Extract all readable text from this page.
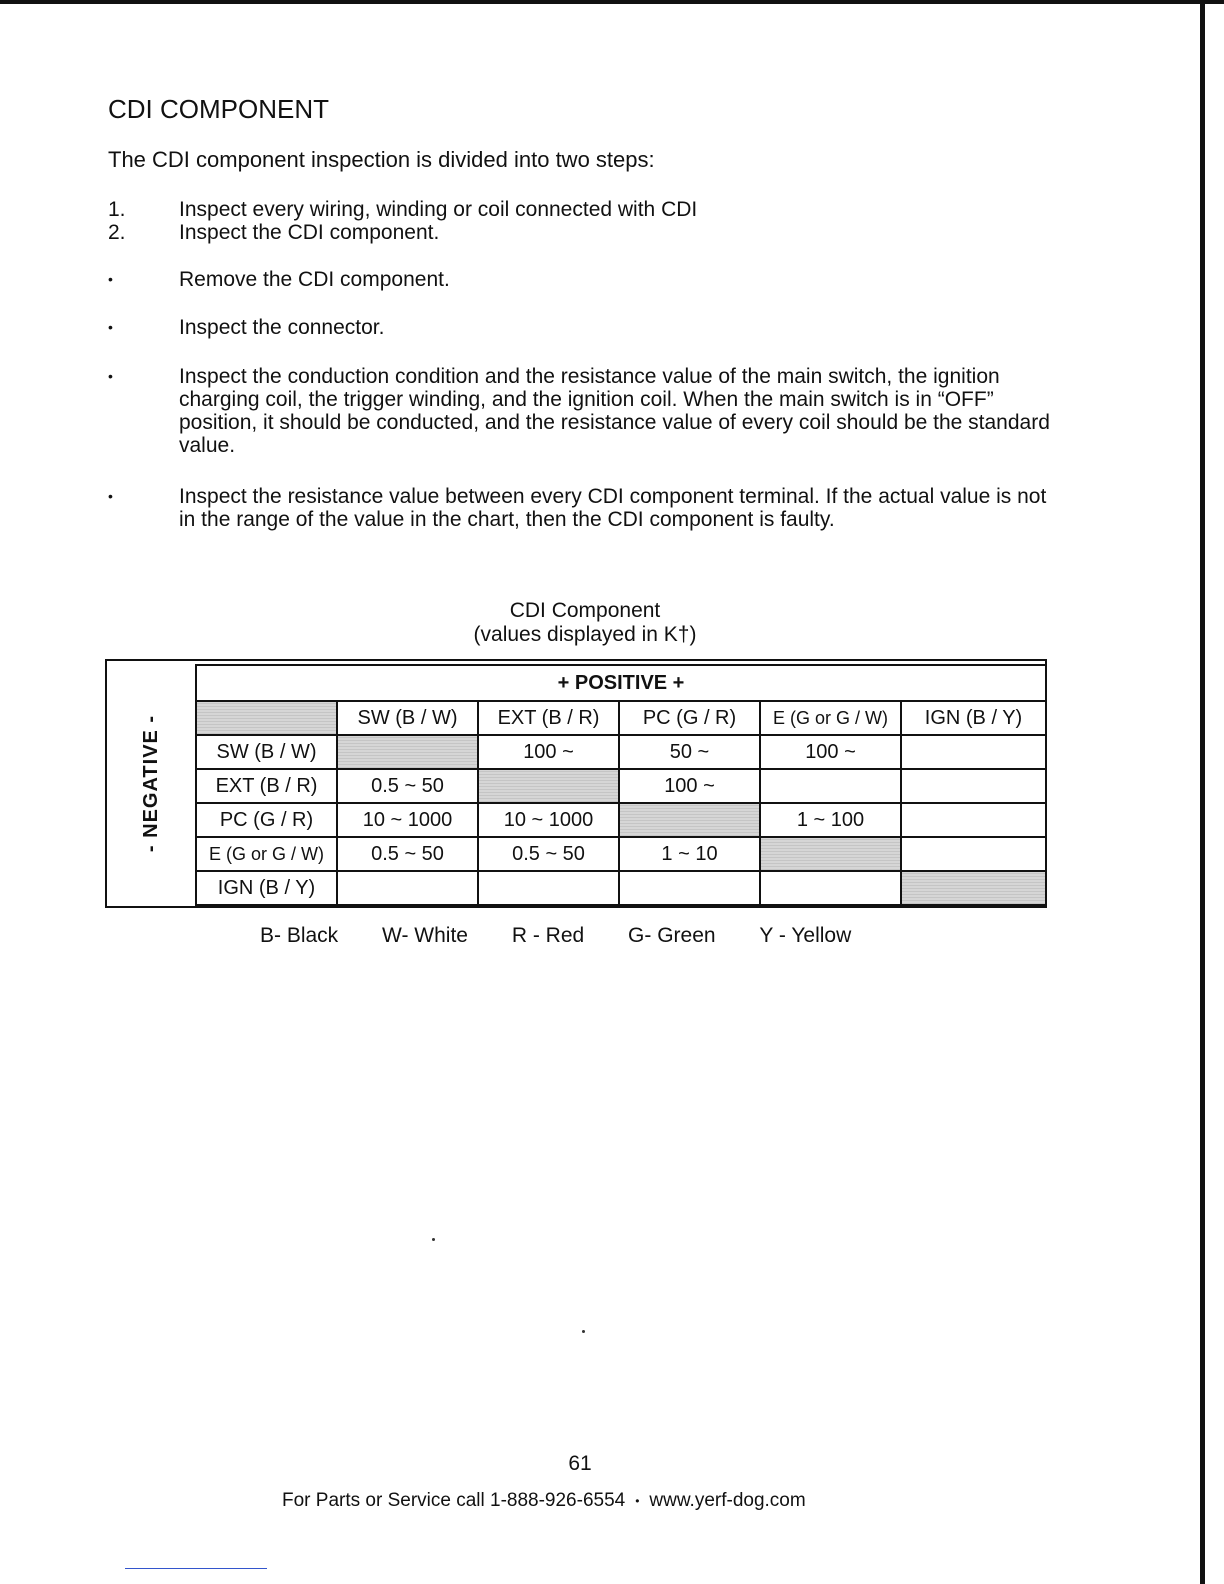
CDI COMPONENT
The CDI component inspection is divided into two steps:
1.	Inspect every wiring, winding or coil connected with CDI
2.	Inspect the CDI component.
•	Remove the CDI component.
•	Inspect the connector.
•	Inspect the conduction condition and the resistance value of the main switch, the ignition charging coil, the trigger winding, and the ignition coil. When the main switch is in “OFF” position, it should be conducted, and the resistance value of every coil should be the standard value.
•	Inspect the resistance value between every CDI component terminal. If the actual value is not in the range of the value in the chart, then the CDI component is faulty.
CDI Component
(values displayed in K†)
- NEGATIVE -
+ POSITIVE +					
	SW (B / W)	EXT (B / R)	PC (G / R)	E (G or G / W)	IGN (B / Y)
SW (B / W)		100 ~	50 ~	100 ~	
EXT (B / R)	0.5 ~ 50		100 ~		
PC (G / R)	10 ~ 1000	10 ~ 1000		1 ~ 100	
E (G or G / W)	0.5 ~ 50	0.5 ~ 50	1 ~ 10		
IGN (B / Y)					
B- Black W- White R - Red G- Green Y - Yellow
61
For Parts or Service call 1-888-926-6554 • www.yerf-dog.com
